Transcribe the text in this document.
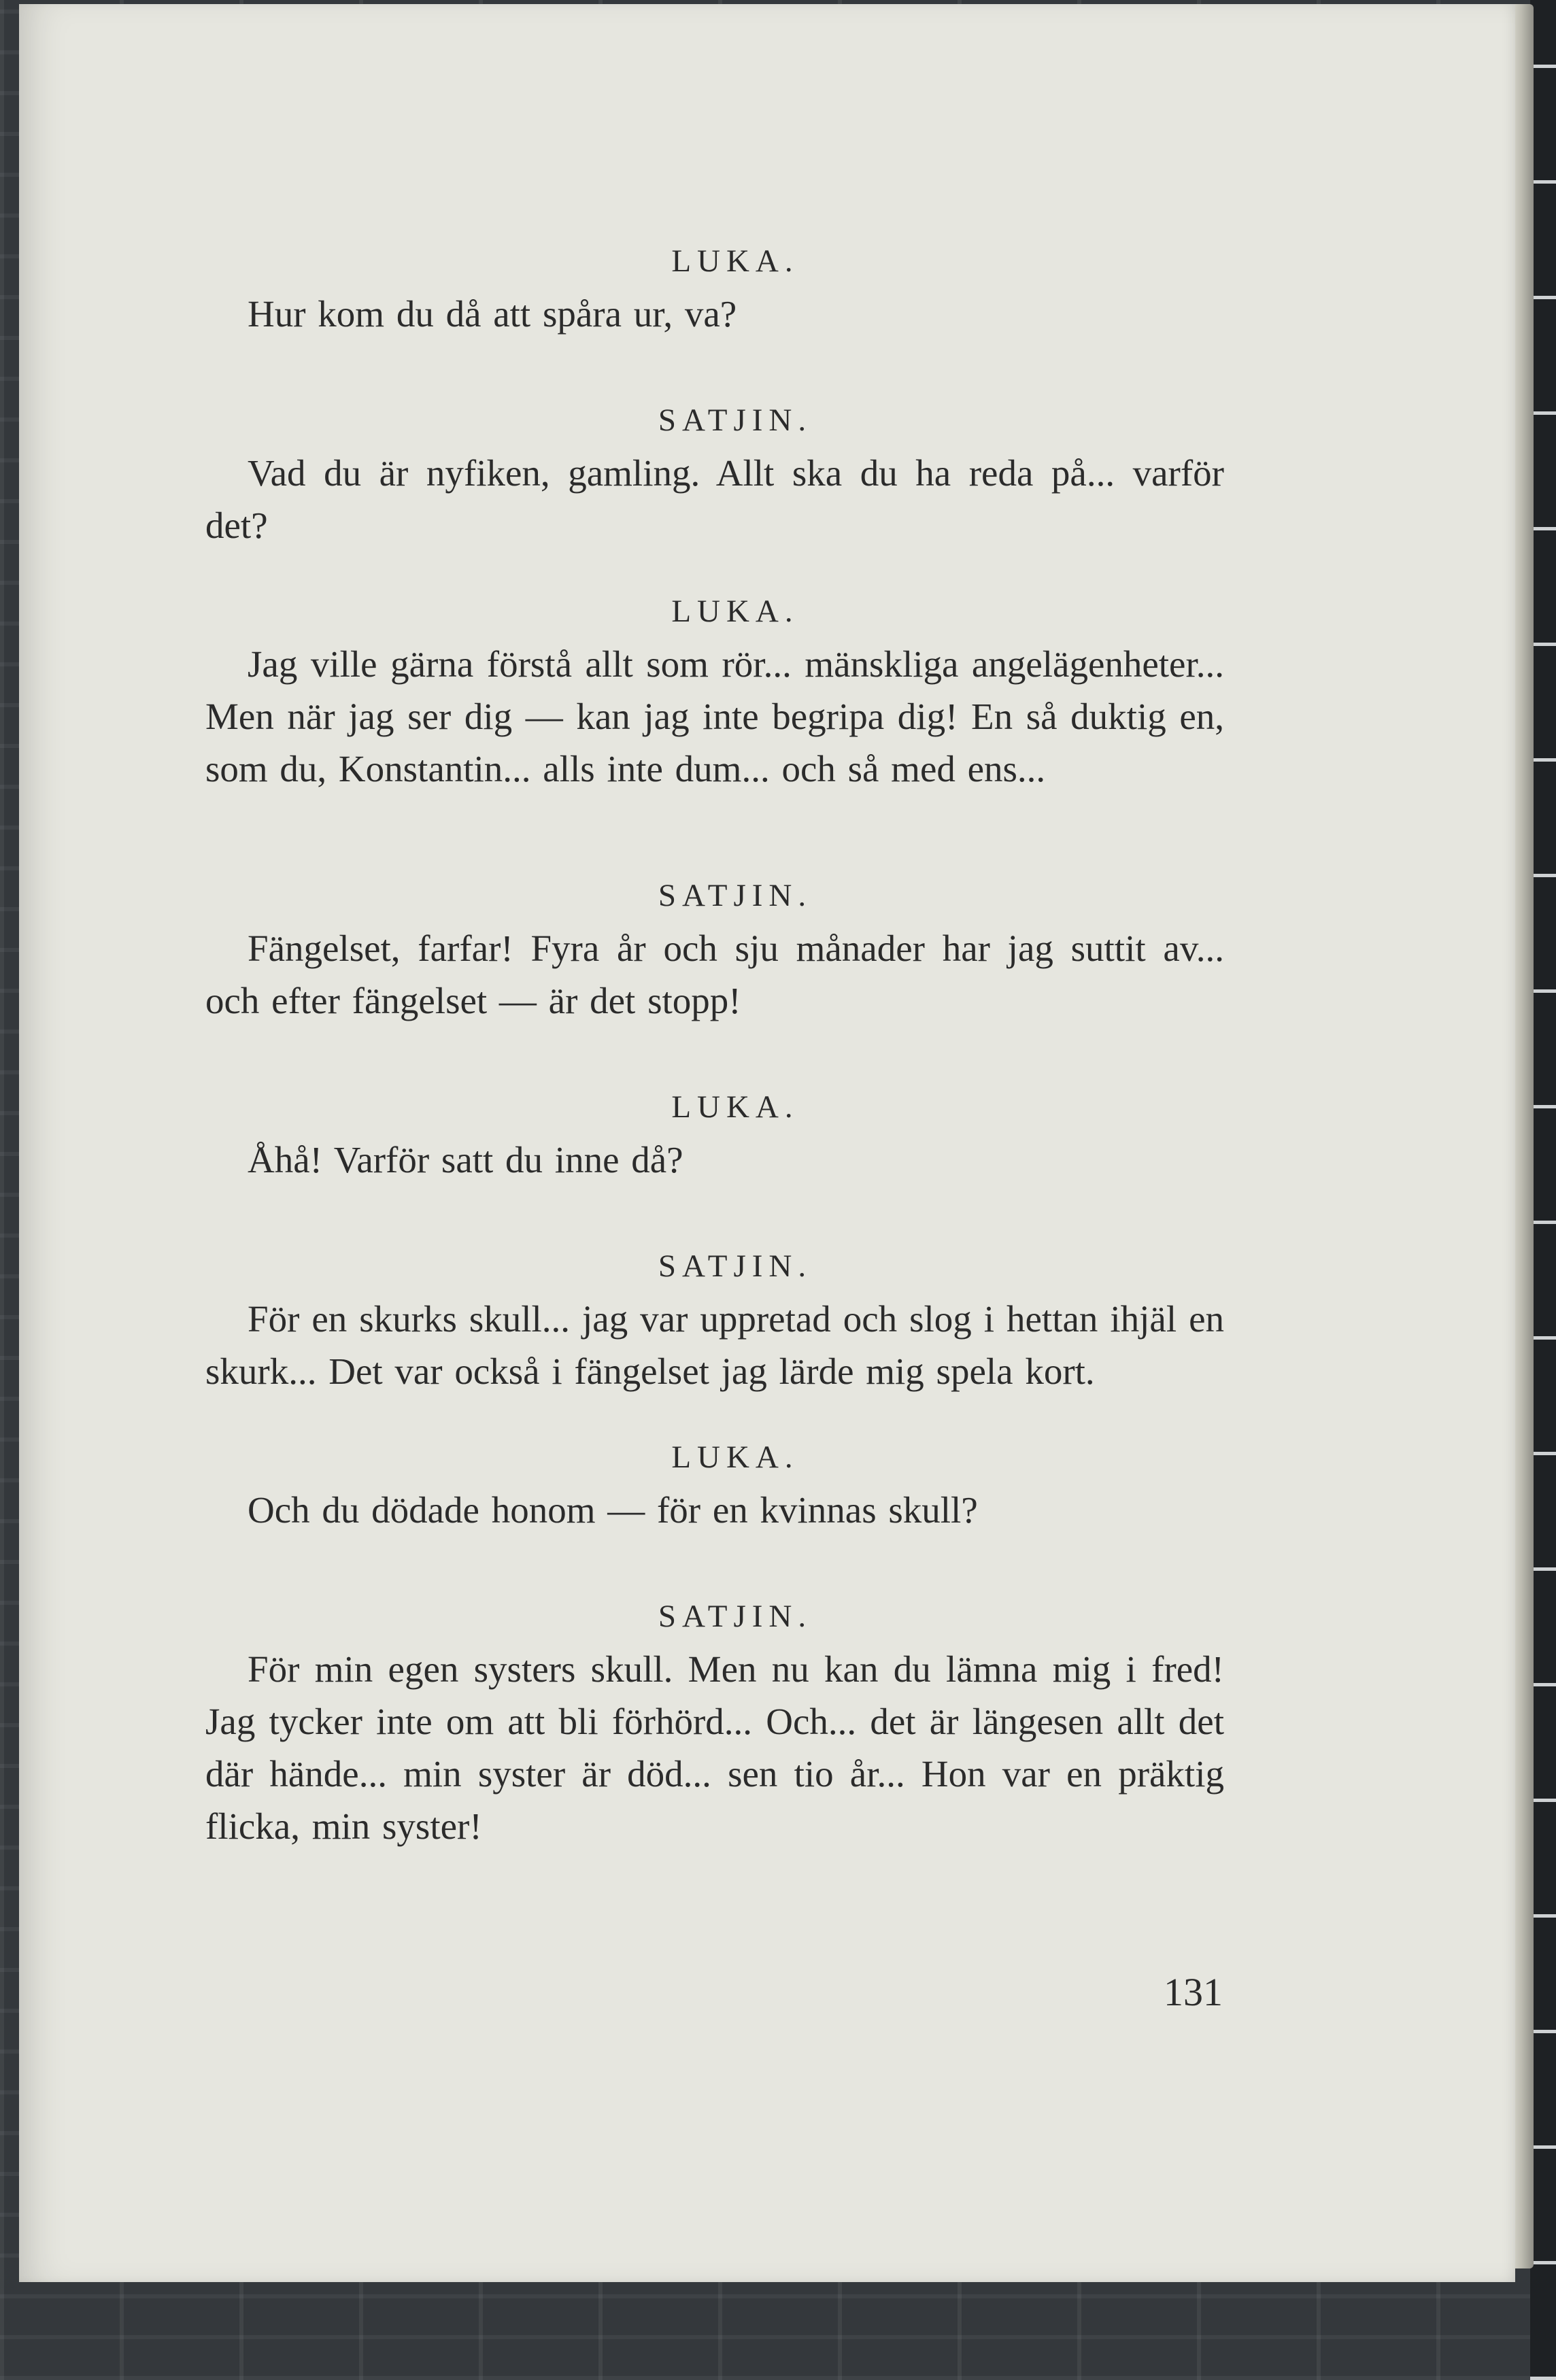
LUKA.

Hur kom du då att spåra ur, va?

SATJIN.

Vad du är nyfiken, gamling. Allt ska du ha reda på... varför det?

LUKA.

Jag ville gärna förstå allt som rör... mänskliga angelägenheter... Men när jag ser dig — kan jag inte begripa dig! En så duktig en, som du, Konstantin... alls inte dum... och så med ens...

SATJIN.

Fängelset, farfar! Fyra år och sju månader har jag suttit av... och efter fängelset — är det stopp!

LUKA.

Åhå! Varför satt du inne då?

SATJIN.

För en skurks skull... jag var uppretad och slog i hettan ihjäl en skurk... Det var också i fängelset jag lärde mig spela kort.

LUKA.

Och du dödade honom — för en kvinnas skull?

SATJIN.

För min egen systers skull. Men nu kan du lämna mig i fred! Jag tycker inte om att bli förhörd... Och... det är längesen allt det där hände... min syster är död... sen tio år... Hon var en präktig flicka, min syster!

131
